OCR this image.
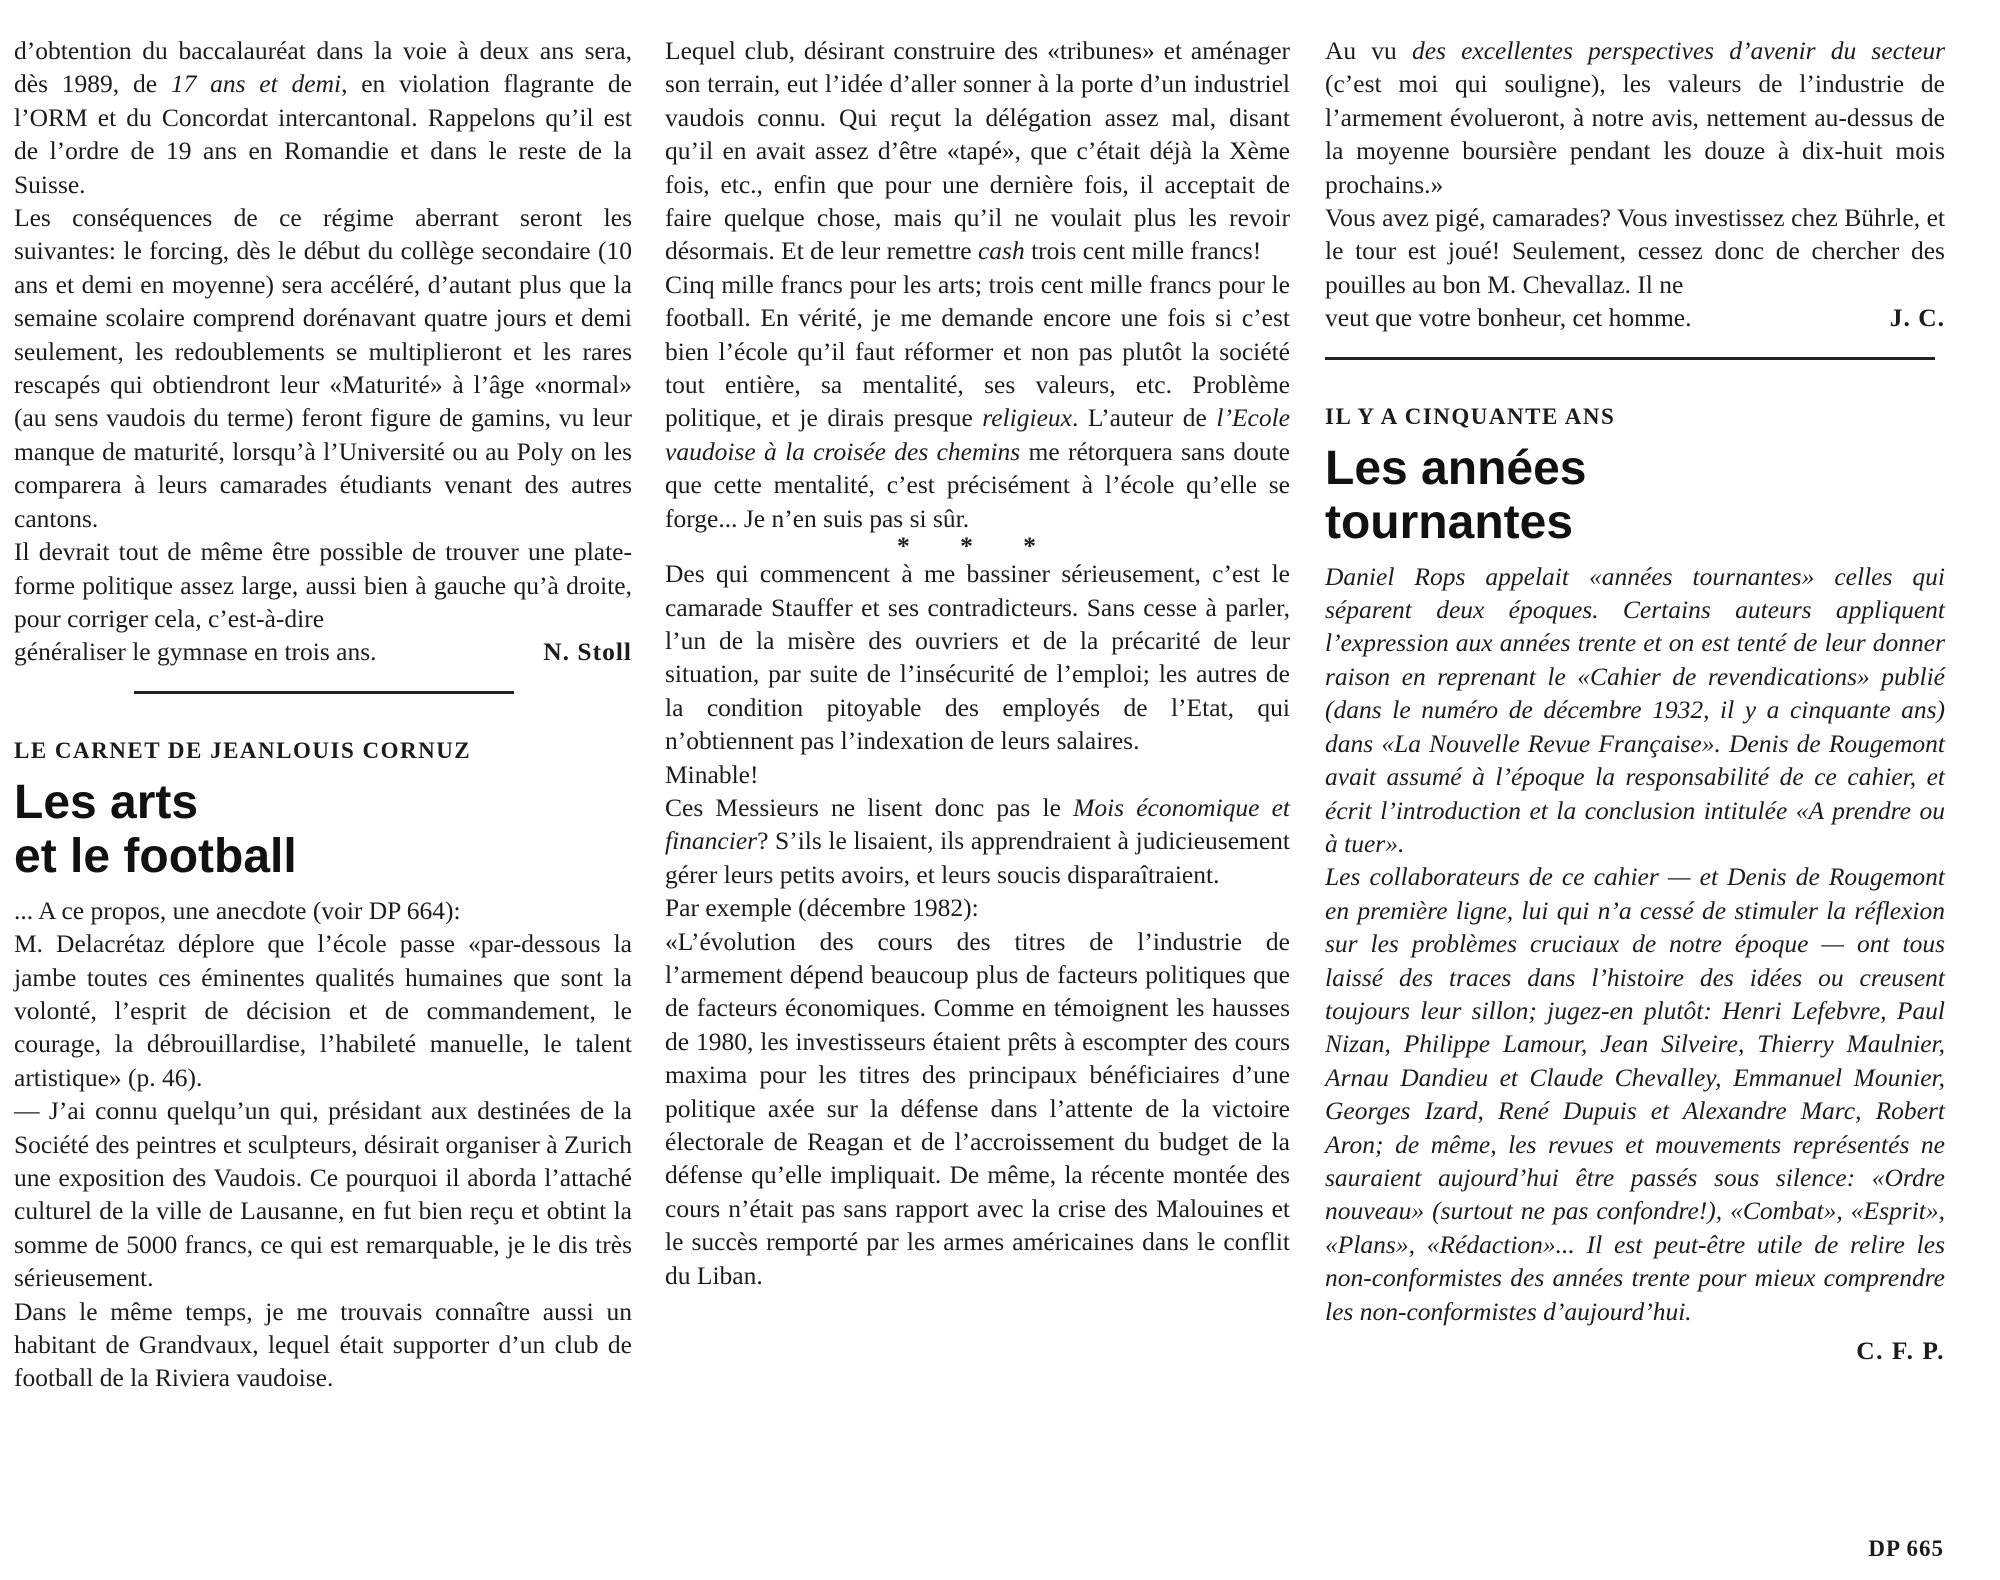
d’obtention du baccalauréat dans la voie à deux ans sera, dès 1989, de 17 ans et demi, en violation flagrante de l’ORM et du Concordat intercantonal. Rappelons qu’il est de l’ordre de 19 ans en Romandie et dans le reste de la Suisse.

Les conséquences de ce régime aberrant seront les suivantes: le forcing, dès le début du collège secondaire (10 ans et demi en moyenne) sera accéléré, d’autant plus que la semaine scolaire comprend dorénavant quatre jours et demi seulement, les redoublements se multiplieront et les rares rescapés qui obtiendront leur «Maturité» à l’âge «normal» (au sens vaudois du terme) feront figure de gamins, vu leur manque de maturité, lorsqu’à l’Université ou au Poly on les comparera à leurs camarades étudiants venant des autres cantons.

Il devrait tout de même être possible de trouver une plate-forme politique assez large, aussi bien à gauche qu’à droite, pour corriger cela, c’est-à-dire

généraliser le gymnase en trois ans.	N. Stoll
LE CARNET DE JEANLOUIS CORNUZ
Les arts
et le football

... A ce propos, une anecdote (voir DP 664):

M. Delacrétaz déplore que l’école passe «par-dessous la jambe toutes ces éminentes qualités humaines que sont la volonté, l’esprit de décision et de commandement, le courage, la débrouillardise, l’habileté manuelle, le talent artistique» (p. 46).

— J’ai connu quelqu’un qui, présidant aux destinées de la Société des peintres et sculpteurs, désirait organiser à Zurich une exposition des Vaudois. Ce pourquoi il aborda l’attaché culturel de la ville de Lausanne, en fut bien reçu et obtint la somme de 5000 francs, ce qui est remarquable, je le dis très sérieusement.

Dans le même temps, je me trouvais connaître aussi un habitant de Grandvaux, lequel était supporter d’un club de football de la Riviera vaudoise.

Lequel club, désirant construire des «tribunes» et aménager son terrain, eut l’idée d’aller sonner à la porte d’un industriel vaudois connu. Qui reçut la délégation assez mal, disant qu’il en avait assez d’être «tapé», que c’était déjà la Xème fois, etc., enfin que pour une dernière fois, il acceptait de faire quelque chose, mais qu’il ne voulait plus les revoir désormais. Et de leur remettre cash trois cent mille francs!

Cinq mille francs pour les arts; trois cent mille francs pour le football. En vérité, je me demande encore une fois si c’est bien l’école qu’il faut réformer et non pas plutôt la société tout entière, sa mentalité, ses valeurs, etc. Problème politique, et je dirais presque religieux. L’auteur de l’Ecole vaudoise à la croisée des chemins me rétorquera sans doute que cette mentalité, c’est précisément à l’école qu’elle se forge... Je n’en suis pas si sûr.

* * *

Des qui commencent à me bassiner sérieusement, c’est le camarade Stauffer et ses contradicteurs. Sans cesse à parler, l’un de la misère des ouvriers et de la précarité de leur situation, par suite de l’insécurité de l’emploi; les autres de la condition pitoyable des employés de l’Etat, qui n’obtiennent pas l’indexation de leurs salaires.

Minable!

Ces Messieurs ne lisent donc pas le Mois économique et financier? S’ils le lisaient, ils apprendraient à judicieusement gérer leurs petits avoirs, et leurs soucis disparaîtraient.

Par exemple (décembre 1982):

«L’évolution des cours des titres de l’industrie de l’armement dépend beaucoup plus de facteurs politiques que de facteurs économiques. Comme en témoignent les hausses de 1980, les investisseurs étaient prêts à escompter des cours maxima pour les titres des principaux bénéficiaires d’une politique axée sur la défense dans l’attente de la victoire électorale de Reagan et de l’accroissement du budget de la défense qu’elle impliquait. De même, la récente montée des cours n’était pas sans rapport avec la crise des Malouines et le succès remporté par les armes américaines dans le conflit du Liban.

Au vu des excellentes perspectives d’avenir du secteur (c’est moi qui souligne), les valeurs de l’industrie de l’armement évolueront, à notre avis, nettement au-dessus de la moyenne boursière pendant les douze à dix-huit mois prochains.»

Vous avez pigé, camarades? Vous investissez chez Bührle, et le tour est joué! Seulement, cessez donc de chercher des pouilles au bon M. Chevallaz. Il ne

veut que votre bonheur, cet homme.	J. C.
IL Y A CINQUANTE ANS
Les années
tournantes

Daniel Rops appelait «années tournantes» celles qui séparent deux époques. Certains auteurs appliquent l’expression aux années trente et on est tenté de leur donner raison en reprenant le «Cahier de revendications» publié (dans le numéro de décembre 1932, il y a cinquante ans) dans «La Nouvelle Revue Française». Denis de Rougemont avait assumé à l’époque la responsabilité de ce cahier, et écrit l’introduction et la conclusion intitulée «A prendre ou à tuer».

Les collaborateurs de ce cahier — et Denis de Rougemont en première ligne, lui qui n’a cessé de stimuler la réflexion sur les problèmes cruciaux de notre époque — ont tous laissé des traces dans l’histoire des idées ou creusent toujours leur sillon; jugez-en plutôt: Henri Lefebvre, Paul Nizan, Philippe Lamour, Jean Silveire, Thierry Maulnier, Arnau Dandieu et Claude Chevalley, Emmanuel Mounier, Georges Izard, René Dupuis et Alexandre Marc, Robert Aron; de même, les revues et mouvements représentés ne sauraient aujourd’hui être passés sous silence: «Ordre nouveau» (surtout ne pas confondre!), «Combat», «Esprit», «Plans», «Rédaction»... Il est peut-être utile de relire les non-conformistes des années trente pour mieux comprendre les non-conformistes d’aujourd’hui.

C. F. P.
DP 665
